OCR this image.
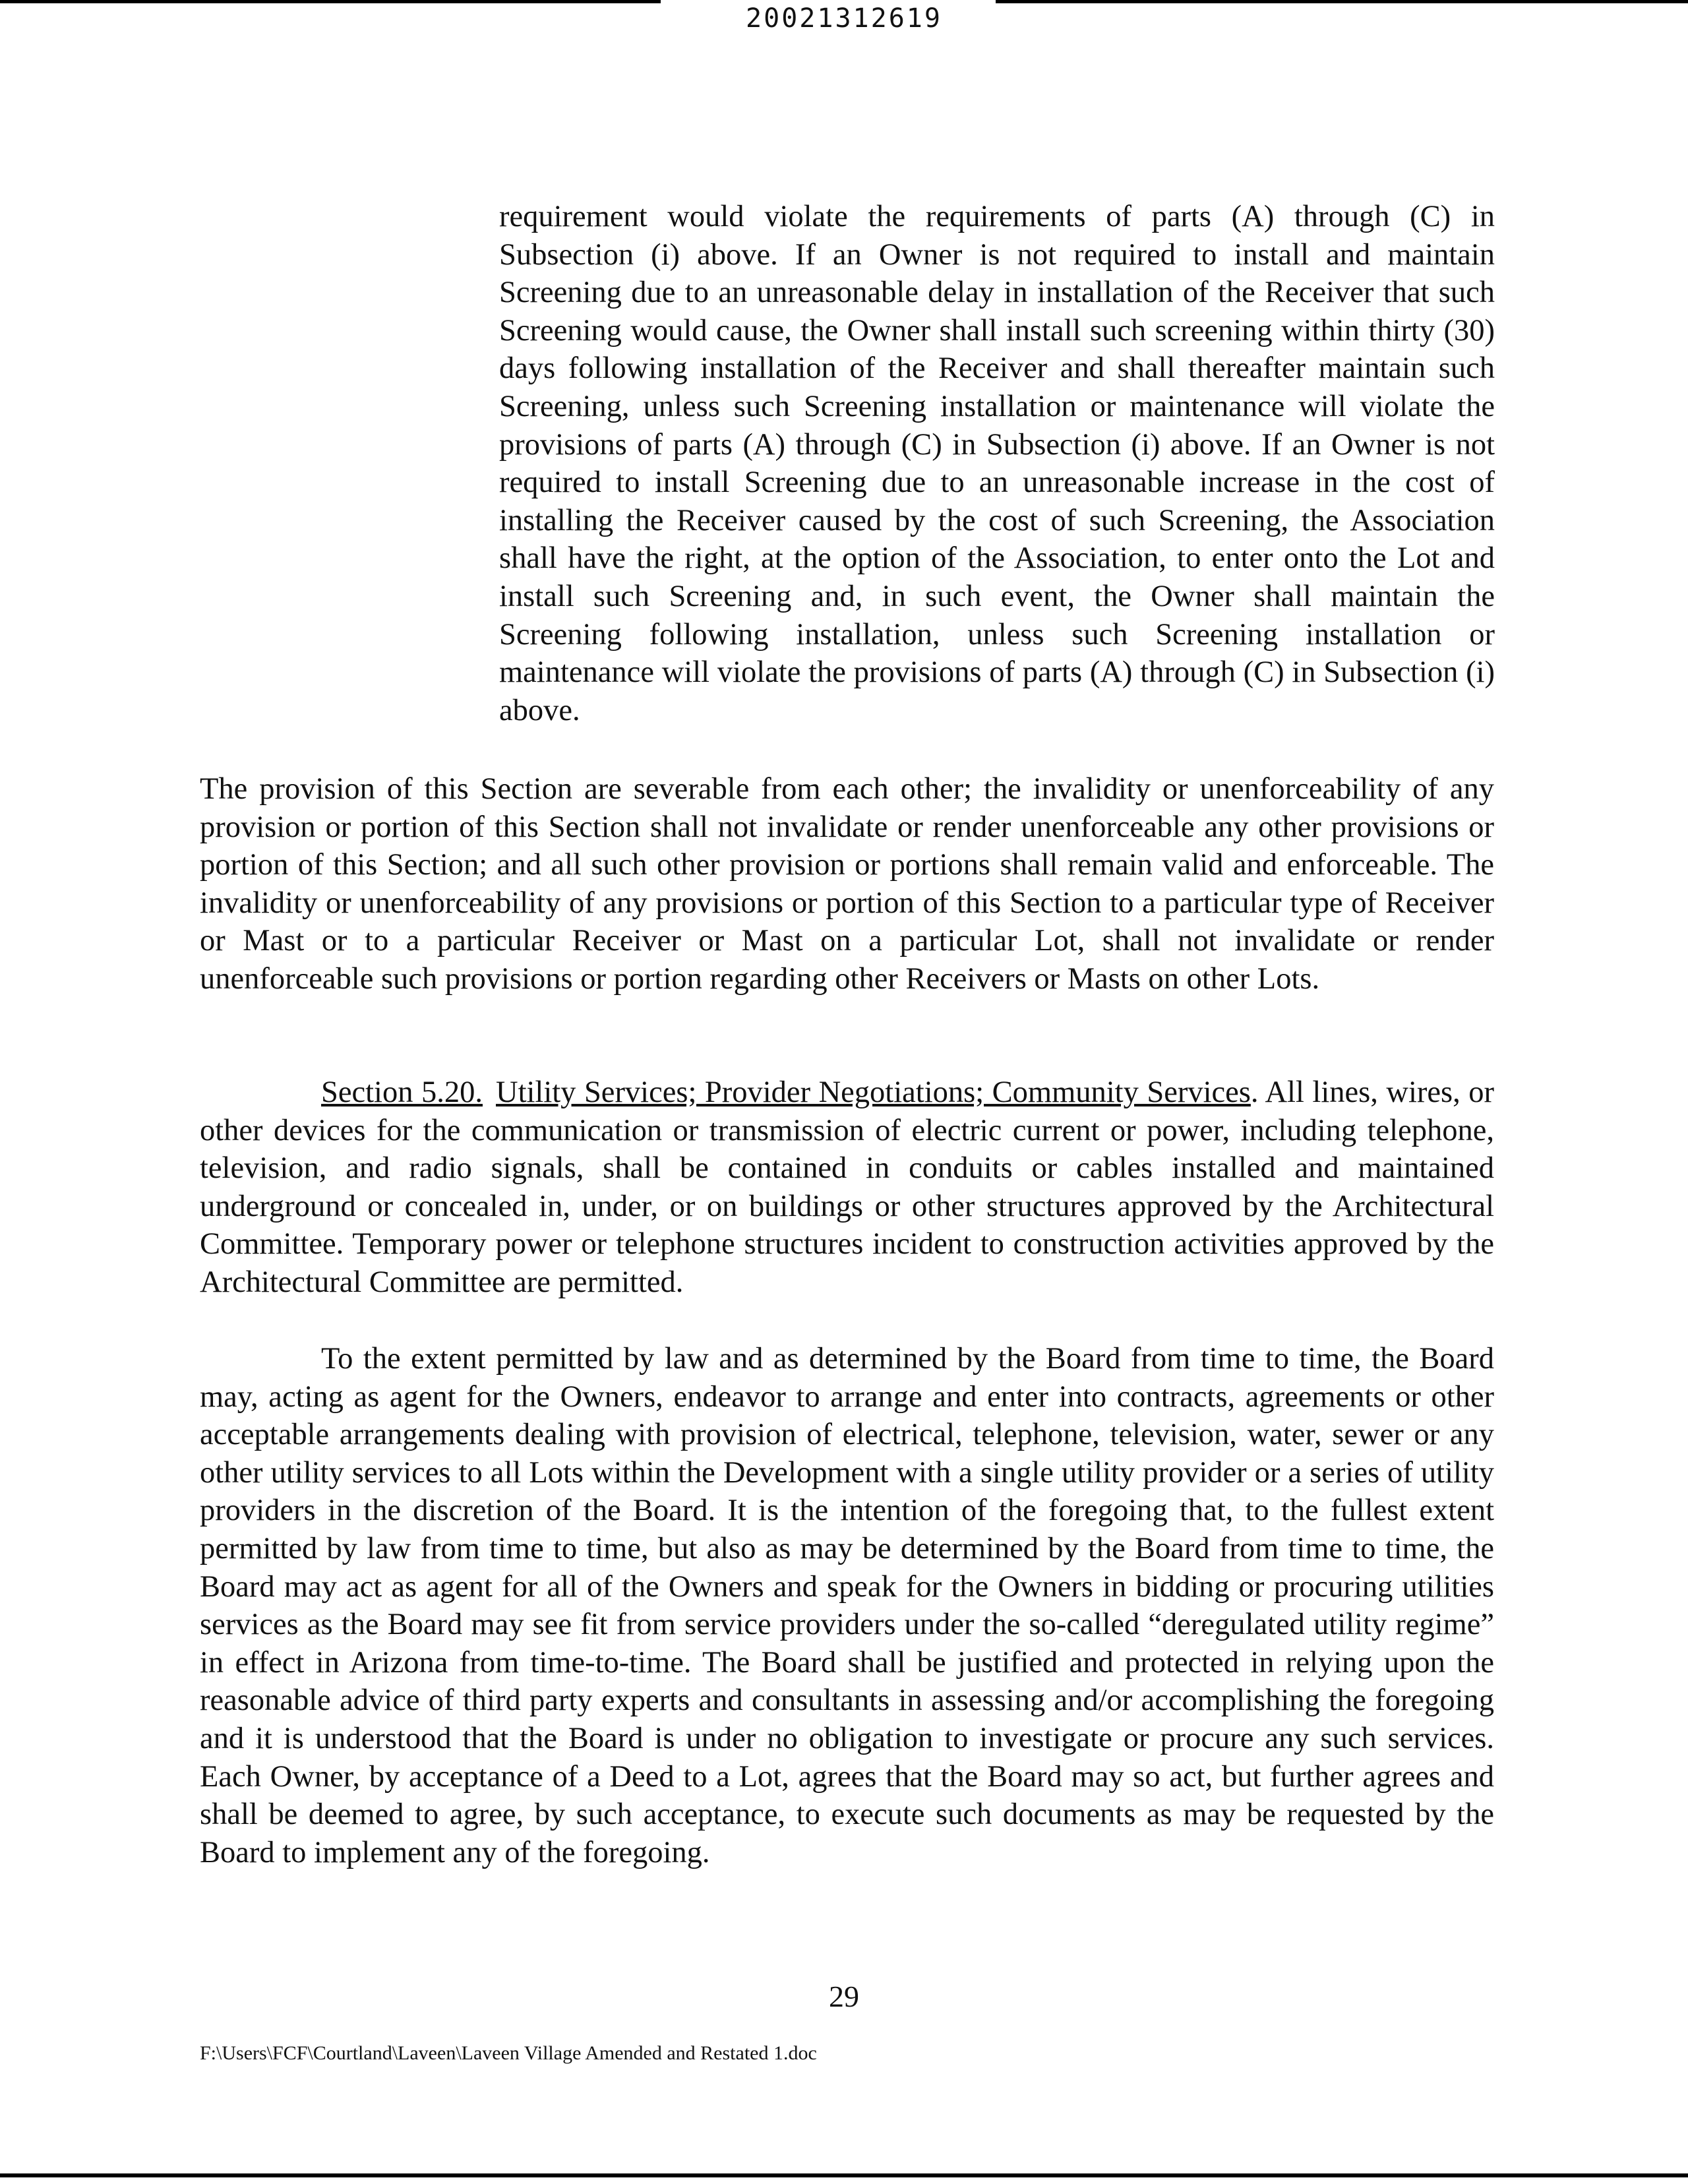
20021312619

requirement would violate the requirements of parts (A) through (C) in Subsection (i) above. If an Owner is not required to install and maintain Screening due to an unreasonable delay in installation of the Receiver that such Screening would cause, the Owner shall install such screening within thirty (30) days following installation of the Receiver and shall thereafter maintain such Screening, unless such Screening installation or maintenance will violate the provisions of parts (A) through (C) in Subsection (i) above. If an Owner is not required to install Screening due to an unreasonable increase in the cost of installing the Receiver caused by the cost of such Screening, the Association shall have the right, at the option of the Association, to enter onto the Lot and install such Screening and, in such event, the Owner shall maintain the Screening following installation, unless such Screening installation or maintenance will violate the provisions of parts (A) through (C) in Subsection (i) above.

The provision of this Section are severable from each other; the invalidity or unenforceability of any provision or portion of this Section shall not invalidate or render unenforceable any other provisions or portion of this Section; and all such other provision or portions shall remain valid and enforceable. The invalidity or unenforceability of any provisions or portion of this Section to a particular type of Receiver or Mast or to a particular Receiver or Mast on a particular Lot, shall not invalidate or render unenforceable such provisions or portion regarding other Receivers or Masts on other Lots.

Section 5.20. Utility Services; Provider Negotiations; Community Services. All lines, wires, or other devices for the communication or transmission of electric current or power, including telephone, television, and radio signals, shall be contained in conduits or cables installed and maintained underground or concealed in, under, or on buildings or other structures approved by the Architectural Committee. Temporary power or telephone structures incident to construction activities approved by the Architectural Committee are permitted.

To the extent permitted by law and as determined by the Board from time to time, the Board may, acting as agent for the Owners, endeavor to arrange and enter into contracts, agreements or other acceptable arrangements dealing with provision of electrical, telephone, television, water, sewer or any other utility services to all Lots within the Development with a single utility provider or a series of utility providers in the discretion of the Board. It is the intention of the foregoing that, to the fullest extent permitted by law from time to time, but also as may be determined by the Board from time to time, the Board may act as agent for all of the Owners and speak for the Owners in bidding or procuring utilities services as the Board may see fit from service providers under the so-called “deregulated utility regime” in effect in Arizona from time-to-time. The Board shall be justified and protected in relying upon the reasonable advice of third party experts and consultants in assessing and/or accomplishing the foregoing and it is understood that the Board is under no obligation to investigate or procure any such services. Each Owner, by acceptance of a Deed to a Lot, agrees that the Board may so act, but further agrees and shall be deemed to agree, by such acceptance, to execute such documents as may be requested by the Board to implement any of the foregoing.

29
F:\Users\FCF\Courtland\Laveen\Laveen Village Amended and Restated 1.doc
